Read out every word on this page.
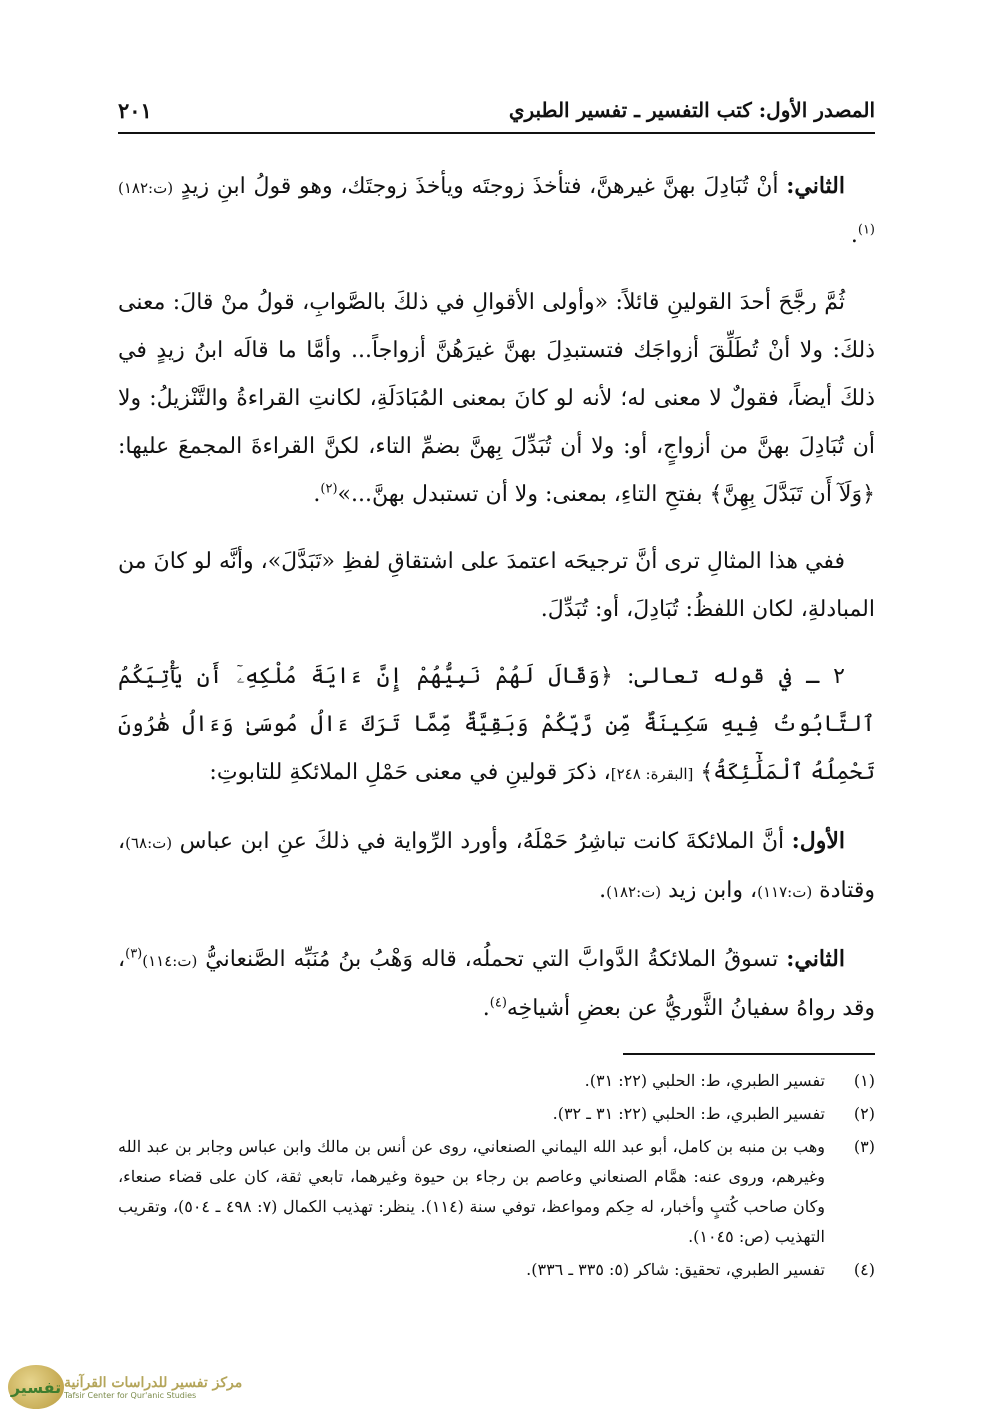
المصدر الأول: كتب التفسير ـ تفسير الطبري
٢٠١

الثاني: أنْ تُبَادِلَ بهنَّ غيرهنَّ، فتأخذَ زوجتَه ويأخذَ زوجتَك، وهو قولُ ابنِ زيدٍ (ت:١٨٢)$^{(١)}$.

ثُمَّ رجَّحَ أحدَ القولينِ قائلاً: «وأولى الأقوالِ في ذلكَ بالصَّوابِ، قولُ منْ قالَ: معنى ذلكَ: ولا أنْ تُطَلِّقَ أزواجَك فتستبدِلَ بهنَّ غيرَهُنَّ أزواجاً... وأمَّا ما قالَه ابنُ زيدٍ في ذلكَ أيضاً، فقولٌ لا معنى له؛ لأنه لو كانَ بمعنى المُبَادَلَةِ، لكانتِ القراءةُ والتَّنْزيلُ: ولا أن تُبَادِلَ بهنَّ من أزواجٍ، أو: ولا أن تُبَدِّلَ بِهنَّ بضمِّ التاء، لكنَّ القراءةَ المجمعَ عليها: ﴿وَلَآ أَن تَبَدَّلَ بِهِنَّ﴾ بفتحِ التاءِ، بمعنى: ولا أن تستبدل بهنَّ...»$^{(٢)}$.

ففي هذا المثالِ ترى أنَّ ترجيحَه اعتمدَ على اشتقاقِ لفظِ «تَبَدَّلَ»، وأنَّه لو كانَ من المبادلةِ، لكان اللفظُ: تُبَادِلَ، أو: تُبَدِّلَ.

٢ ـ في قوله تعالى: ﴿وَقَالَ لَهُمْ نَبِيُّهُمْ إِنَّ ءَايَةَ مُلْكِهِۦٓ أَن يَأْتِيَكُمُ ٱلتَّابُوتُ فِيهِ سَكِينَةٌ مِّن رَّبِّكُمْ وَبَقِيَّةٌ مِّمَّا تَرَكَ ءَالُ مُوسَىٰ وَءَالُ هَٰرُونَ تَحْمِلُهُ ٱلْمَلَٰٓئِكَةُ﴾ [البقرة: ٢٤٨]، ذكرَ قولينِ في معنى حَمْلِ الملائكةِ للتابوتِ:

الأول: أنَّ الملائكةَ كانت تباشِرُ حَمْلَهُ، وأورد الرِّواية في ذلكَ عنِ ابن عباس (ت:٦٨)، وقتادة (ت:١١٧)، وابن زيد (ت:١٨٢).

الثاني: تسوقُ الملائكةُ الدَّوابَّ التي تحملُه، قاله وَهْبُ بنُ مُنَبِّه الصَّنعانيُّ (ت:١١٤)$^{(٣)}$، وقد رواهُ سفيانُ الثَّوريُّ عن بعضِ أشياخِه$^{(٤)}$.

(١)
تفسير الطبري، ط: الحلبي (٢٢: ٣١).
(٢)
تفسير الطبري، ط: الحلبي (٢٢: ٣١ ـ ٣٢).
(٣)
وهب بن منبه بن كامل، أبو عبد الله اليماني الصنعاني، روى عن أنس بن مالك وابن عباس وجابر بن عبد الله وغيرهم، وروى عنه: همَّام الصنعاني وعاصم بن رجاء بن حيوة وغيرهما، تابعي ثقة، كان على قضاء صنعاء، وكان صاحب كُتبٍ وأخبار، له حِكم ومواعظ، توفي سنة (١١٤). ينظر: تهذيب الكمال (٧: ٤٩٨ ـ ٥٠٤)، وتقريب التهذيب (ص: ١٠٤٥).
(٤)
تفسير الطبري، تحقيق: شاكر (٥: ٣٣٥ ـ ٣٣٦).
تفسير مركز تفسير للدراسات القرآنية
Tafsir Center for Qur'anic Studies
